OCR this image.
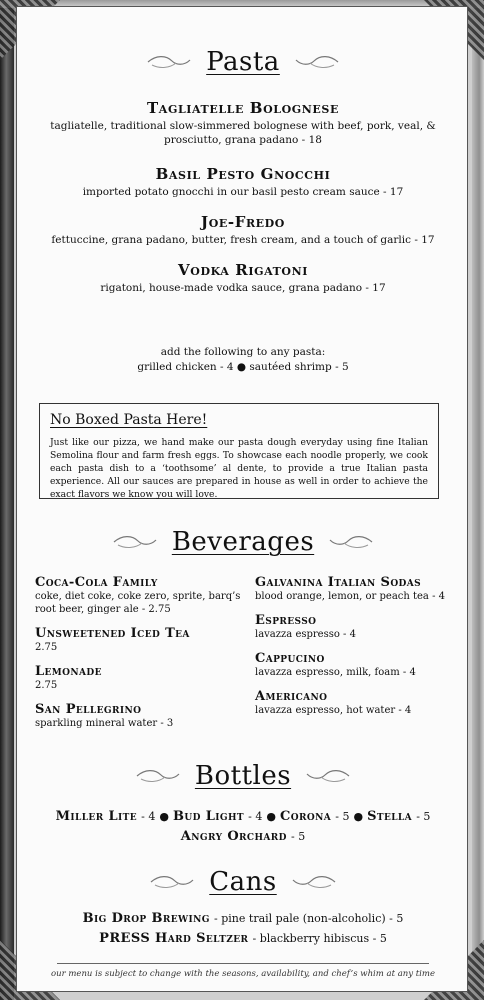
Pasta
Tagliatelle Bolognese
tagliatelle, traditional slow-simmered bolognese with beef, pork, veal, & prosciutto, grana padano - 18
Basil Pesto Gnocchi
imported potato gnocchi in our basil pesto cream sauce - 17
Joe-Fredo
fettuccine, grana padano, butter, fresh cream, and a touch of garlic - 17
Vodka Rigatoni
rigatoni, house-made vodka sauce, grana padano - 17
add the following to any pasta:
grilled chicken - 4 ● sautéed shrimp - 5
No Boxed Pasta Here!
Just like our pizza, we hand make our pasta dough everyday using fine Italian Semolina flour and farm fresh eggs. To showcase each noodle properly, we cook each pasta dish to a ‘toothsome’ al dente, to provide a true Italian pasta experience. All our sauces are prepared in house as well in order to achieve the exact flavors we know you will love.
Beverages
Coca-Cola Family
coke, diet coke, coke zero, sprite, barq’s root beer, ginger ale - 2.75
Unsweetened Iced Tea
2.75
Lemonade
2.75
San Pellegrino
sparkling mineral water - 3
Galvanina Italian Sodas
blood orange, lemon, or peach tea - 4
Espresso
lavazza espresso - 4
Cappucino
lavazza espresso, milk, foam - 4
Americano
lavazza espresso, hot water - 4
Bottles
Miller Lite - 4 ● Bud Light - 4 ● Corona - 5 ● Stella - 5
Angry Orchard - 5
Cans
Big Drop Brewing - pine trail pale (non-alcoholic) - 5
PRESS Hard Seltzer - blackberry hibiscus - 5
our menu is subject to change with the seasons, availability, and chef’s whim at any time
